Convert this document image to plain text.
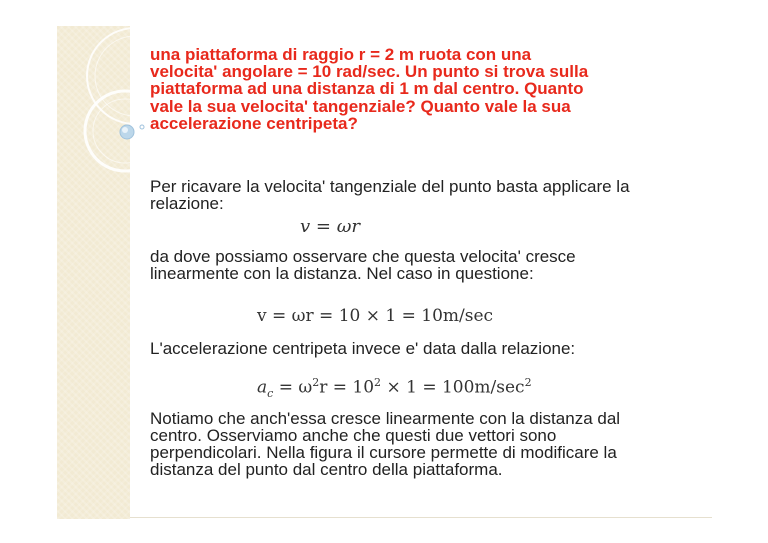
una piattaforma di raggio r = 2 m ruota con una
velocita' angolare = 10 rad/sec. Un punto si trova sulla
piattaforma ad una distanza di 1 m dal centro. Quanto
vale la sua velocita' tangenziale? Quanto vale la sua
accelerazione centripeta?

Per ricavare la velocita' tangenziale del punto basta applicare la
relazione:

v = ωr

da dove possiamo osservare che questa velocita' cresce
linearmente con la distanza. Nel caso in questione:

v = ωr = 10 × 1 = 10m/sec

L'accelerazione centripeta invece e' data dalla relazione:

$a_c = \omega^2r = 10^2 \times 1 = 100m/\sec^2$

Notiamo che anch'essa cresce linearmente con la distanza dal
centro. Osserviamo anche che questi due vettori sono
perpendicolari. Nella figura il cursore permette di modificare la
distanza del punto dal centro della piattaforma.
